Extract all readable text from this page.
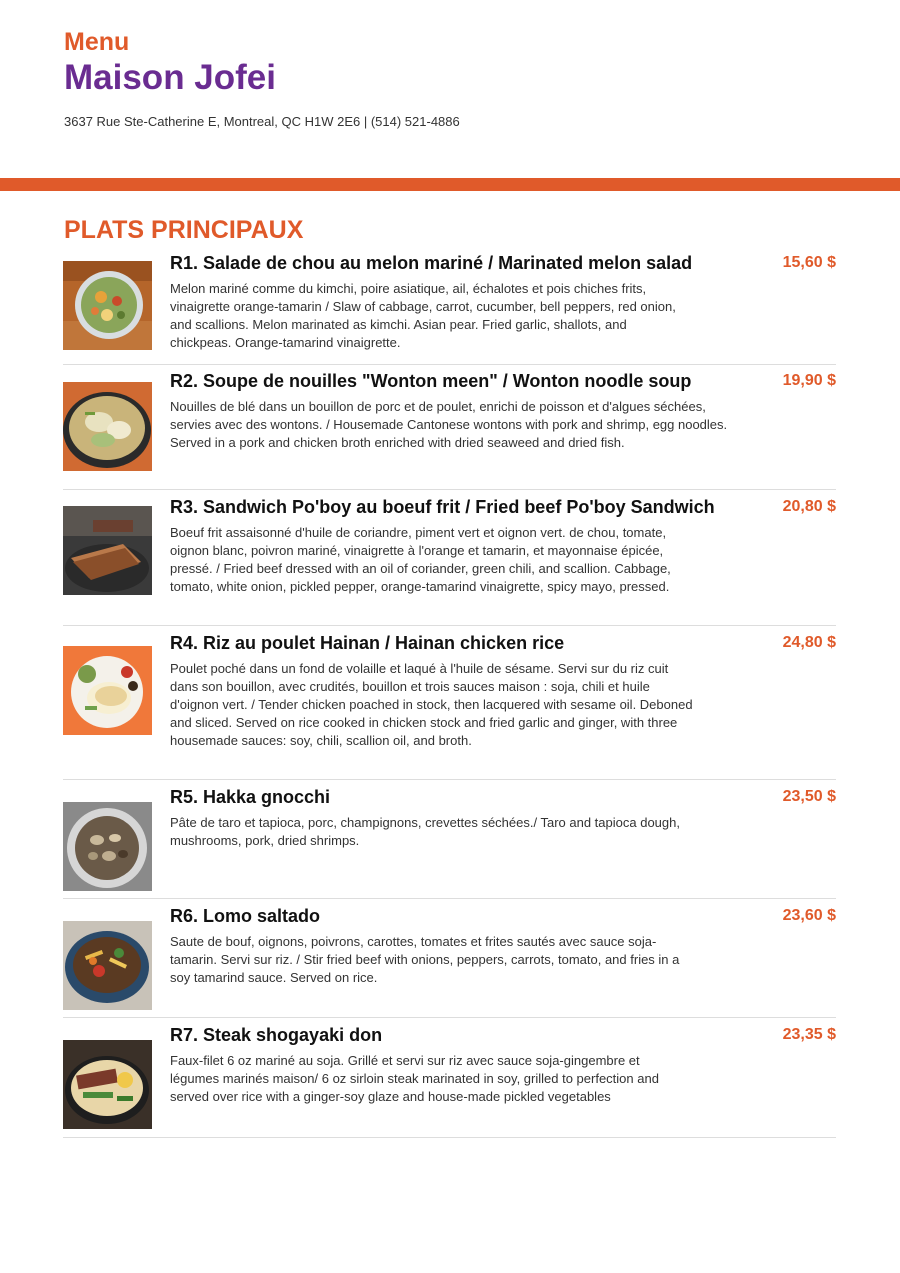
Menu
Maison Jofei
3637 Rue Ste-Catherine E, Montreal, QC H1W 2E6 | (514) 521-4886
PLATS PRINCIPAUX
R1. Salade de chou au melon mariné / Marinated melon salad	15,60 $
Melon mariné comme du kimchi, poire asiatique, ail, échalotes et pois chiches frits, vinaigrette orange-tamarin / Slaw of cabbage, carrot, cucumber, bell peppers, red onion, and scallions. Melon marinated as kimchi. Asian pear. Fried garlic, shallots, and chickpeas. Orange-tamarind vinaigrette.
R2. Soupe de nouilles "Wonton meen" / Wonton noodle soup	19,90 $
Nouilles de blé dans un bouillon de porc et de poulet, enrichi de poisson et d'algues séchées, servies avec des wontons. / Housemade Cantonese wontons with pork and shrimp, egg noodles. Served in a pork and chicken broth enriched with dried seaweed and dried fish.
R3. Sandwich Po'boy au boeuf frit / Fried beef Po'boy Sandwich	20,80 $
Boeuf frit assaisonné d'huile de coriandre, piment vert et oignon vert. de chou, tomate, oignon blanc, poivron mariné, vinaigrette à l'orange et tamarin, et mayonnaise épicée, pressé. / Fried beef dressed with an oil of coriander, green chili, and scallion. Cabbage, tomato, white onion, pickled pepper, orange-tamarind vinaigrette, spicy mayo, pressed.
R4. Riz au poulet Hainan / Hainan chicken rice	24,80 $
Poulet poché dans un fond de volaille et laqué à l'huile de sésame. Servi sur du riz cuit dans son bouillon, avec crudités, bouillon et trois sauces maison : soja, chili et huile d'oignon vert. / Tender chicken poached in stock, then lacquered with sesame oil. Deboned and sliced. Served on rice cooked in chicken stock and fried garlic and ginger, with three housemade sauces: soy, chili, scallion oil, and broth.
R5. Hakka gnocchi	23,50 $
Pâte de taro et tapioca, porc, champignons, crevettes séchées./ Taro and tapioca dough, mushrooms, pork, dried shrimps.
R6. Lomo saltado	23,60 $
Saute de bouf, oignons, poivrons, carottes, tomates et frites sautés avec sauce soja-tamarin. Servi sur riz. / Stir fried beef with onions, peppers, carrots, tomato, and fries in a soy tamarind sauce. Served on rice.
R7. Steak shogayaki don	23,35 $
Faux-filet 6 oz mariné au soja. Grillé et servi sur riz avec sauce soja-gingembre et légumes marinés maison/ 6 oz sirloin steak marinated in soy, grilled to perfection and served over rice with a ginger-soy glaze and house-made pickled vegetables
